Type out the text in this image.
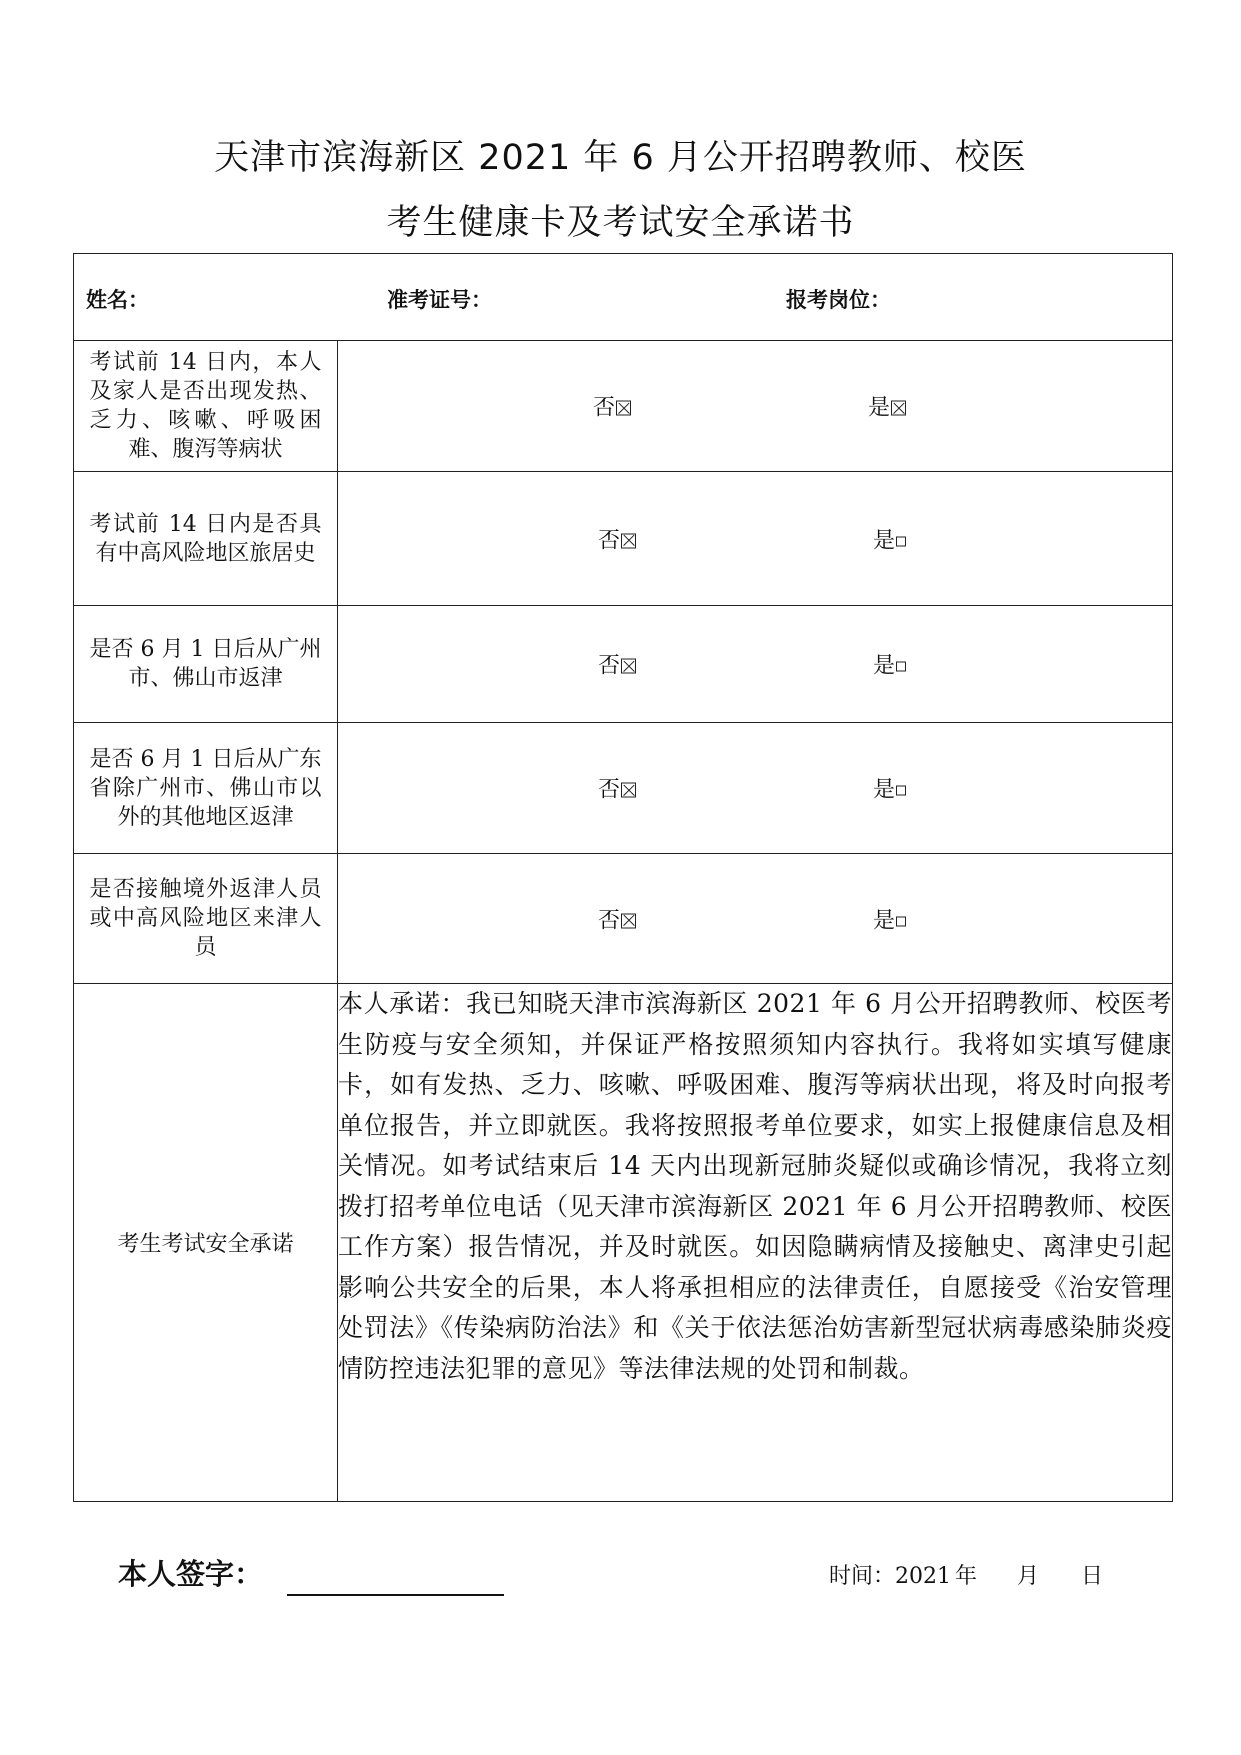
天津市滨海新区 2021 年 6 月公开招聘教师、校医
考生健康卡及考试安全承诺书
姓名： 准考证号： 报考岗位：	

考试前 14 日内，本人及家人是否出现发热、乏力、咳嗽、呼吸困难、腹泻等病状	否 是

考试前 14 日内是否具有中高风险地区旅居史	否 是

是否 6 月 1 日后从广州市、佛山市返津	否 是

是否 6 月 1 日后从广东省除广州市、佛山市以外的其他地区返津	否 是

是否接触境外返津人员或中高风险地区来津人员	否 是

考生考试安全承诺	本人承诺：我已知晓天津市滨海新区 2021 年 6 月公开招聘教师、校医考生防疫与安全须知，并保证严格按照须知内容执行。我将如实填写健康卡，如有发热、乏力、咳嗽、呼吸困难、腹泻等病状出现，将及时向报考单位报告，并立即就医。我将按照报考单位要求，如实上报健康信息及相关情况。如考试结束后 14 天内出现新冠肺炎疑似或确诊情况，我将立刻拨打招考单位电话（见天津市滨海新区 2021 年 6 月公开招聘教师、校医工作方案）报告情况，并及时就医。如因隐瞒病情及接触史、离津史引起影响公共安全的后果，本人将承担相应的法律责任，自愿接受《治安管理处罚法》《传染病防治法》和《关于依法惩治妨害新型冠状病毒感染肺炎疫情防控违法犯罪的意见》等法律法规的处罚和制裁。
本人签字：	时间：2021 年 月 日
